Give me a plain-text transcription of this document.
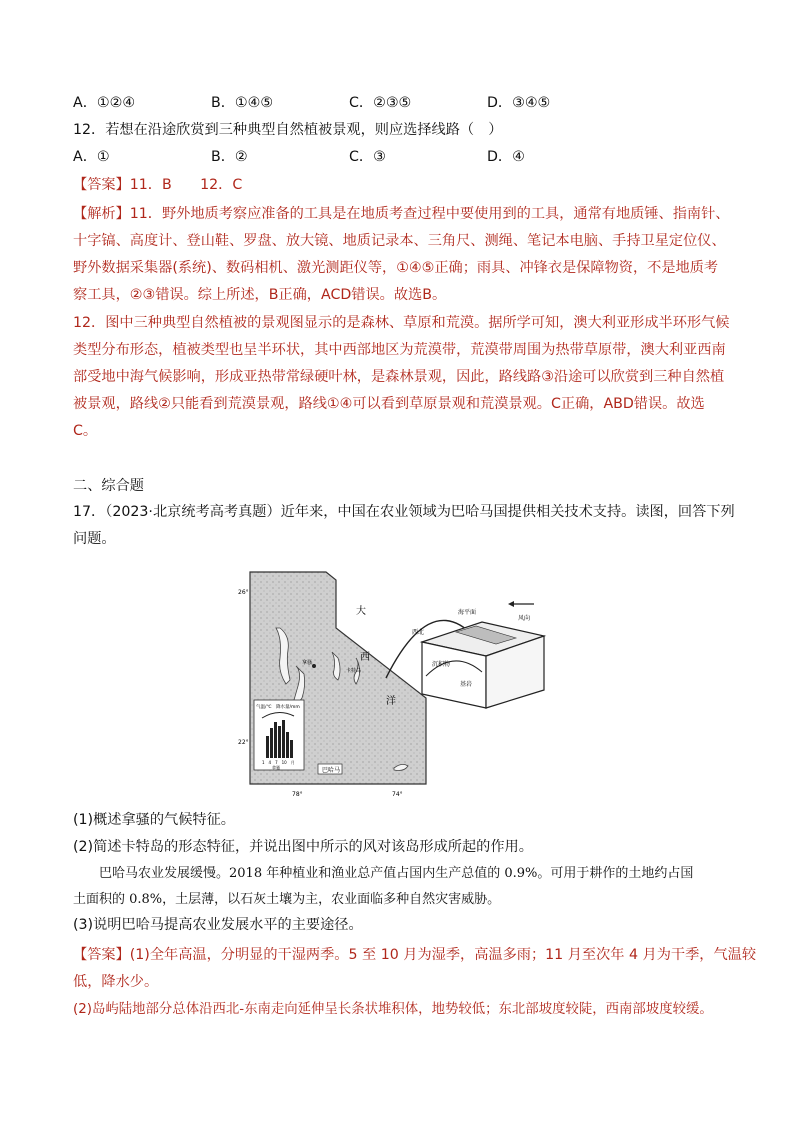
A．①②④	B．①④⑤	C．②③⑤	D．③④⑤
12．若想在沿途欣赏到三种典型自然植被景观，则应选择线路（　）
A．①	B．②	C．③	D．④
【答案】11．B　　12．C
【解析】11．野外地质考察应准备的工具是在地质考查过程中要使用到的工具，通常有地质锤、指南针、
十字镐、高度计、登山鞋、罗盘、放大镜、地质记录本、三角尺、测绳、笔记本电脑、手持卫星定位仪、
野外数据采集器(系统)、数码相机、激光测距仪等，①④⑤正确；雨具、冲锋衣是保障物资，不是地质考
察工具，②③错误。综上所述，B正确，ACD错误。故选B。
12．图中三种典型自然植被的景观图显示的是森林、草原和荒漠。据所学可知，澳大利亚形成半环形气候
类型分布形态，植被类型也呈半环状，其中西部地区为荒漠带，荒漠带周围为热带草原带，澳大利亚西南
部受地中海气候影响，形成亚热带常绿硬叶林，是森林景观，因此，路线路③沿途可以欣赏到三种自然植
被景观，路线②只能看到荒漠景观，路线①④可以看到草原景观和荒漠景观。C正确，ABD错误。故选
C。
二、综合题
17．（2023·北京统考高考真题）近年来，中国在农业领域为巴哈马国提供相关技术支持。读图，回答下列
问题。
26°
22°
78°	74°
大
西
洋
拿骚
卡特岛
气温/℃ 降水量/mm
1　4　7　10　月
拿骚	巴哈马
海平面
西北
风向
沉积物
基岩
(1)概述拿骚的气候特征。
(2)简述卡特岛的形态特征，并说出图中所示的风对该岛形成所起的作用。
巴哈马农业发展缓慢。2018 年种植业和渔业总产值占国内生产总值的 0.9%。可用于耕作的土地约占国
土面积的 0.8%，土层薄，以石灰土壤为主，农业面临多种自然灾害威胁。
(3)说明巴哈马提高农业发展水平的主要途径。
【答案】(1)全年高温，分明显的干湿两季。5 至 10 月为湿季，高温多雨；11 月至次年 4 月为干季，气温较
低，降水少。
(2)岛屿陆地部分总体沿西北-东南走向延伸呈长条状堆积体，地势较低；东北部坡度较陡，西南部坡度较缓。
